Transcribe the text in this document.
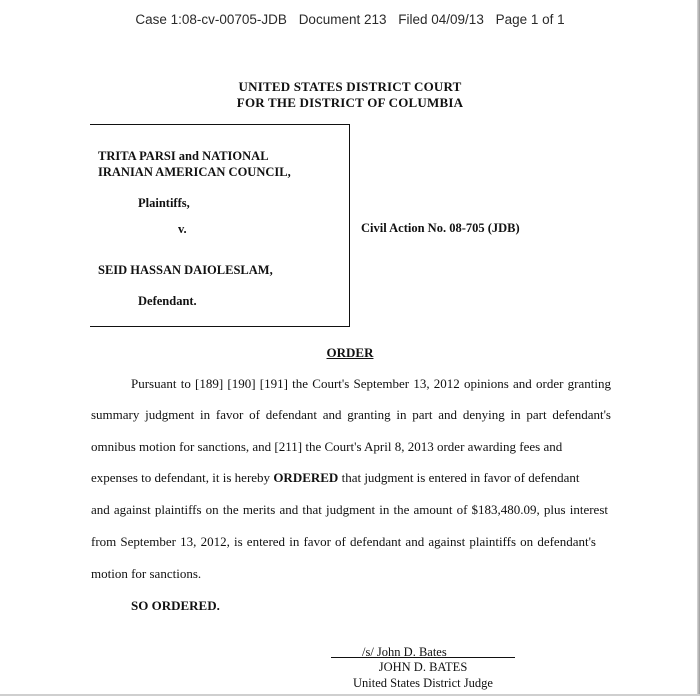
Case 1:08-cv-00705-JDB Document 213 Filed 04/09/13 Page 1 of 1
UNITED STATES DISTRICT COURT
FOR THE DISTRICT OF COLUMBIA
TRITA PARSI and NATIONAL
IRANIAN AMERICAN COUNCIL,
Plaintiffs,
v.
SEID HASSAN DAIOLESLAM,
Defendant.
Civil Action No. 08-705 (JDB)
ORDER
Pursuant to [189] [190] [191] the Court's September 13, 2012 opinions and order granting
summary judgment in favor of defendant and granting in part and denying in part defendant's
omnibus motion for sanctions, and [211] the Court's April 8, 2013 order awarding fees and
expenses to defendant, it is hereby ORDERED that judgment is entered in favor of defendant
and against plaintiffs on the merits and that judgment in the amount of $183,480.09, plus interest
from September 13, 2012, is entered in favor of defendant and against plaintiffs on defendant's
motion for sanctions.
SO ORDERED.
/s/ John D. Bates
JOHN D. BATES
United States District Judge
